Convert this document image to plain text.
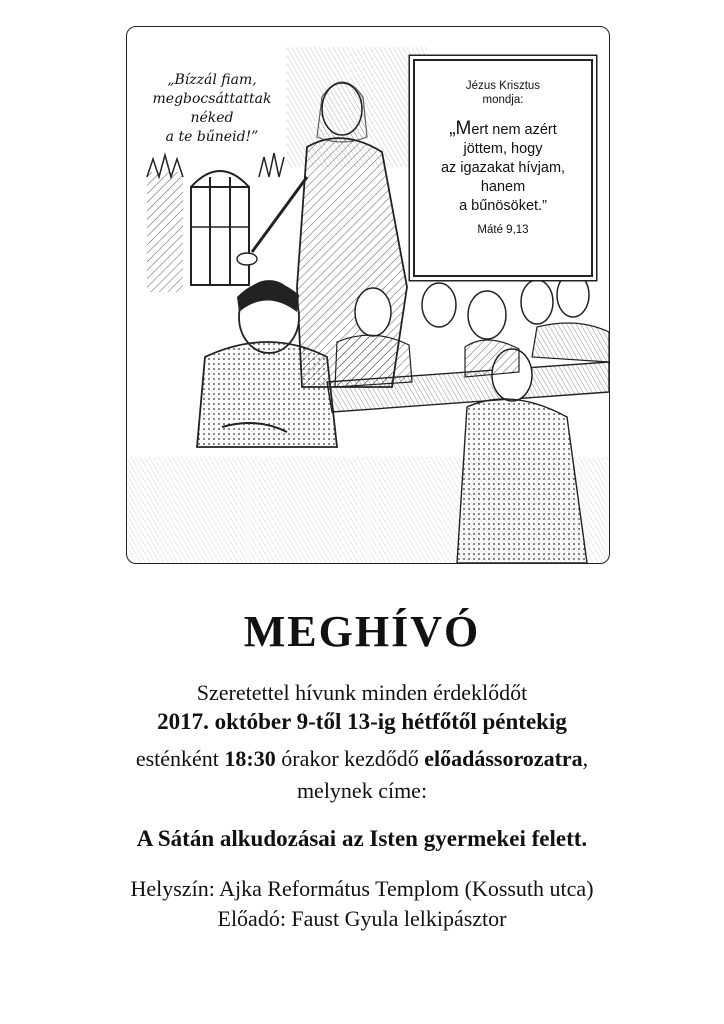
„Bízzál fiam,
megbocsáttattak néked
a te bűneid!”
Jézus Krisztus
mondja:
„Mert nem azért
jöttem, hogy
az igazakat hívjam,
hanem
a bűnösöket.”
Máté 9,13
MEGHÍVÓ
Szeretettel hívunk minden érdeklődőt
2017. október 9-től 13-ig hétfőtől péntekig
esténként 18:30 órakor kezdődő előadássorozatra,
melynek címe:
A Sátán alkudozásai az Isten gyermekei felett.
Helyszín: Ajka Református Templom (Kossuth utca)
Előadó: Faust Gyula lelkipásztor
